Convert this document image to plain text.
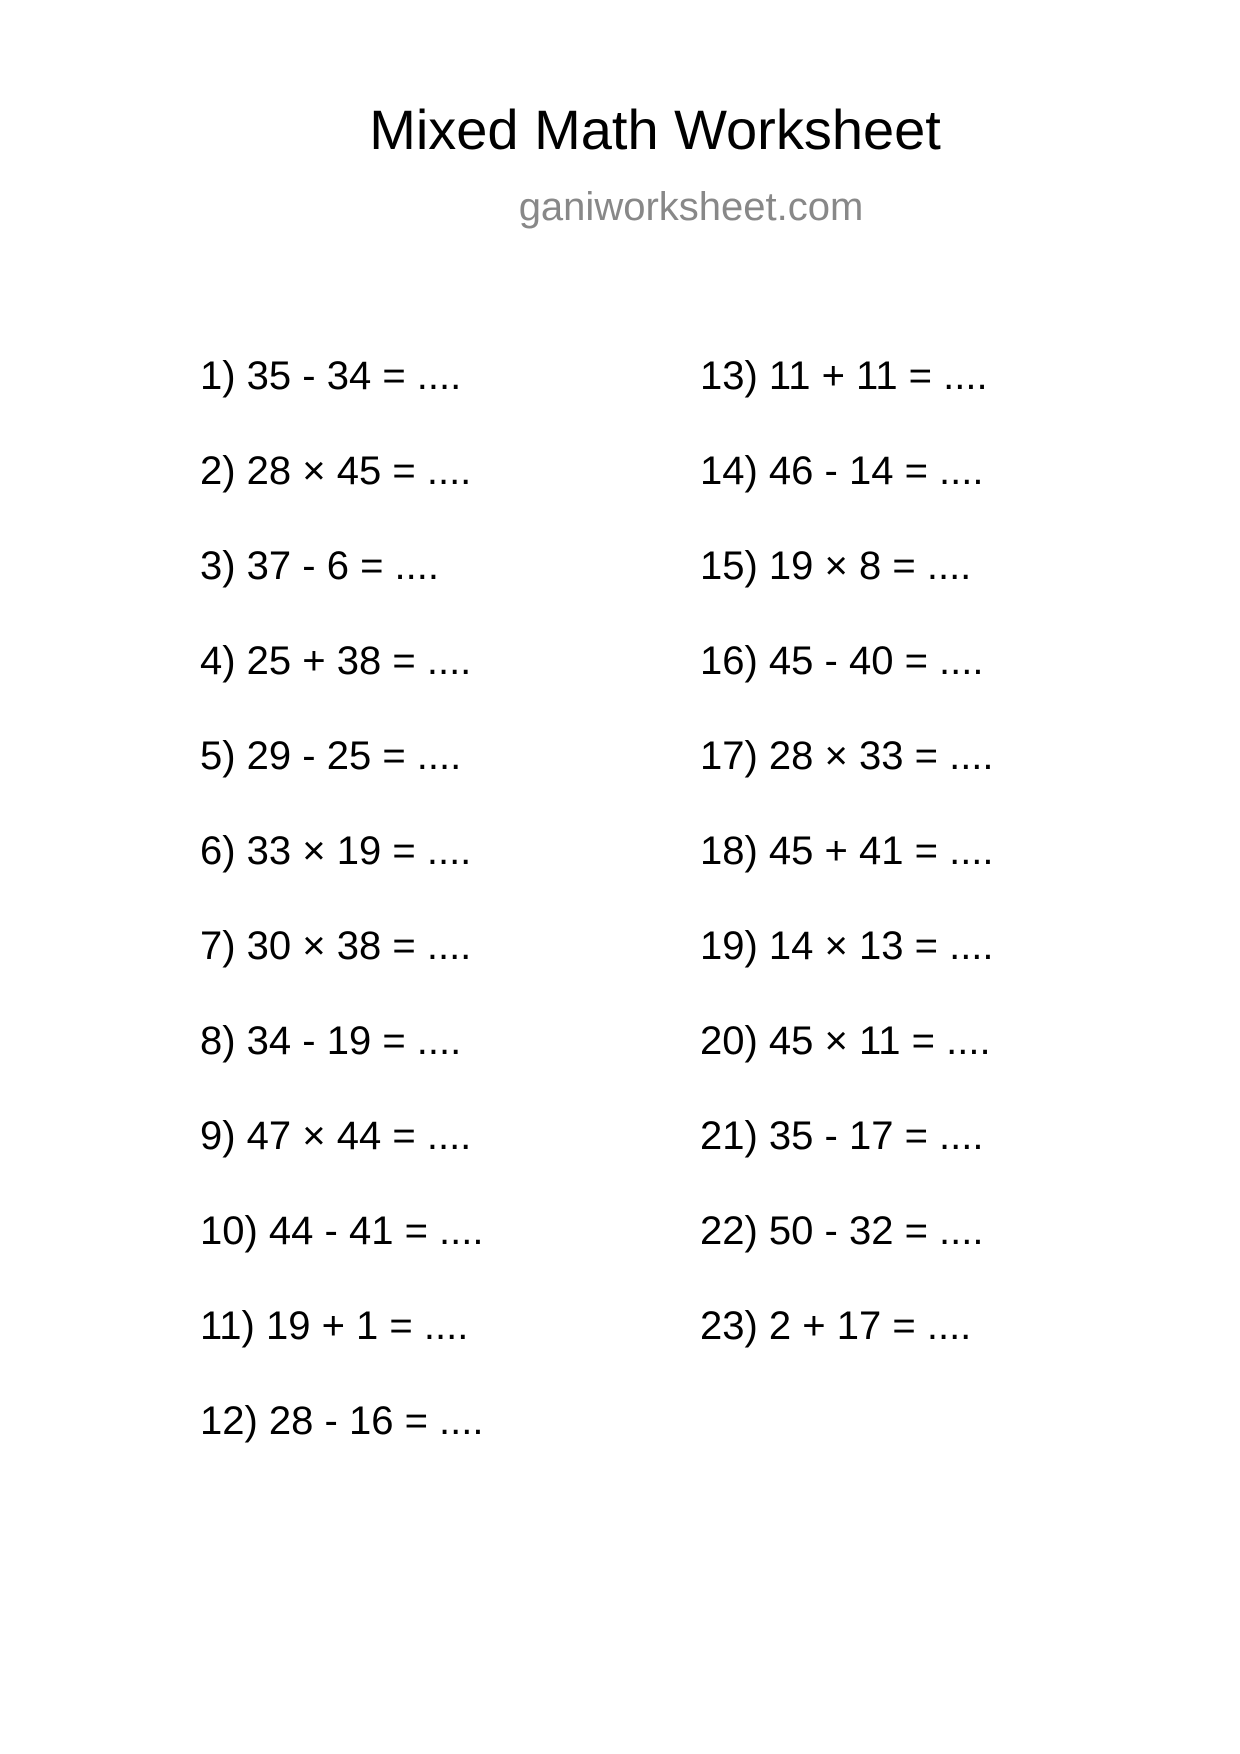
Mixed Math Worksheet
ganiworksheet.com
1) 35 - 34 = ....
2) 28 × 45 = ....
3) 37 - 6 = ....
4) 25 + 38 = ....
5) 29 - 25 = ....
6) 33 × 19 = ....
7) 30 × 38 = ....
8) 34 - 19 = ....
9) 47 × 44 = ....
10) 44 - 41 = ....
11) 19 + 1 = ....
12) 28 - 16 = ....
13) 11 + 11 = ....
14) 46 - 14 = ....
15) 19 × 8 = ....
16) 45 - 40 = ....
17) 28 × 33 = ....
18) 45 + 41 = ....
19) 14 × 13 = ....
20) 45 × 11 = ....
21) 35 - 17 = ....
22) 50 - 32 = ....
23) 2 + 17 = ....
